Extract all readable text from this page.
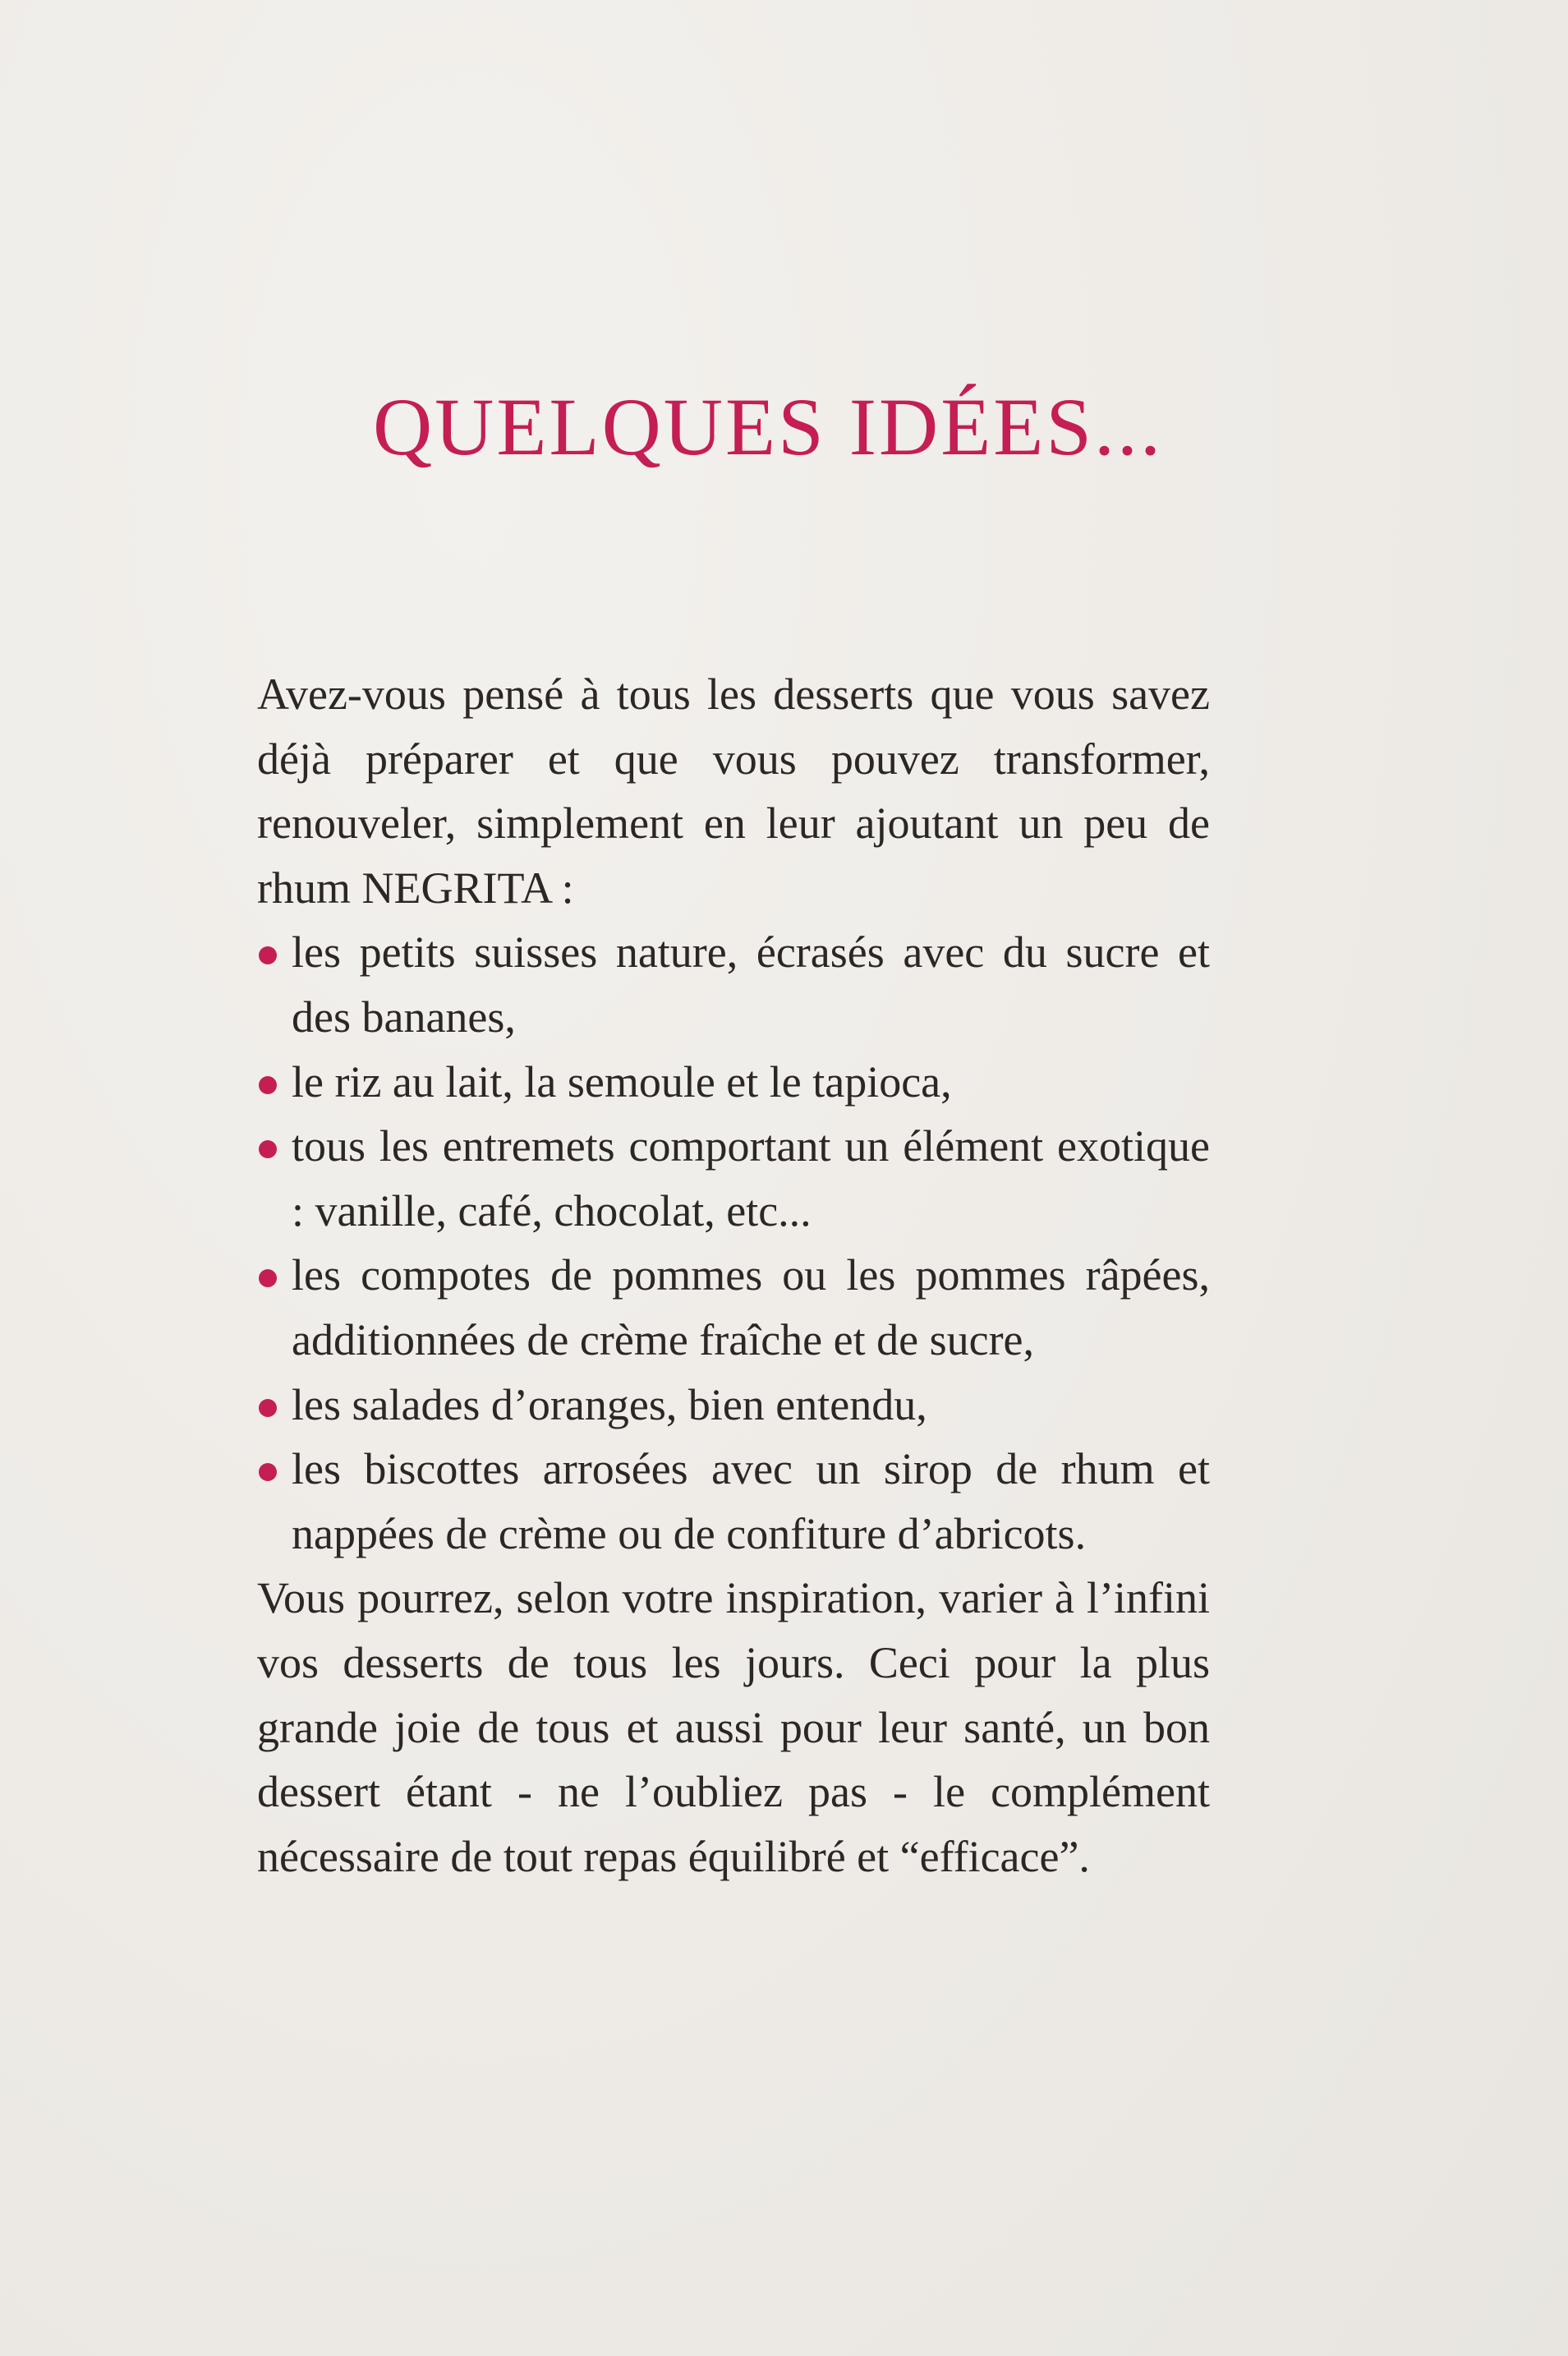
QUELQUES IDÉES...

Avez-vous pensé à tous les desserts que vous savez déjà préparer et que vous pouvez transformer, renouveler, simplement en leur ajoutant un peu de rhum NEGRITA :

les petits suisses nature, écrasés avec du sucre et des bananes,
le riz au lait, la semoule et le tapioca,
tous les entremets comportant un élément exotique : vanille, café, chocolat, etc...
les compotes de pommes ou les pommes râpées, additionnées de crème fraîche et de sucre,
les salades d’oranges, bien entendu,
les biscottes arrosées avec un sirop de rhum et nappées de crème ou de confiture d’abricots.

Vous pourrez, selon votre inspiration, varier à l’infini vos desserts de tous les jours. Ceci pour la plus grande joie de tous et aussi pour leur santé, un bon dessert étant - ne l’oubliez pas - le complément nécessaire de tout repas équilibré et “efficace”.
